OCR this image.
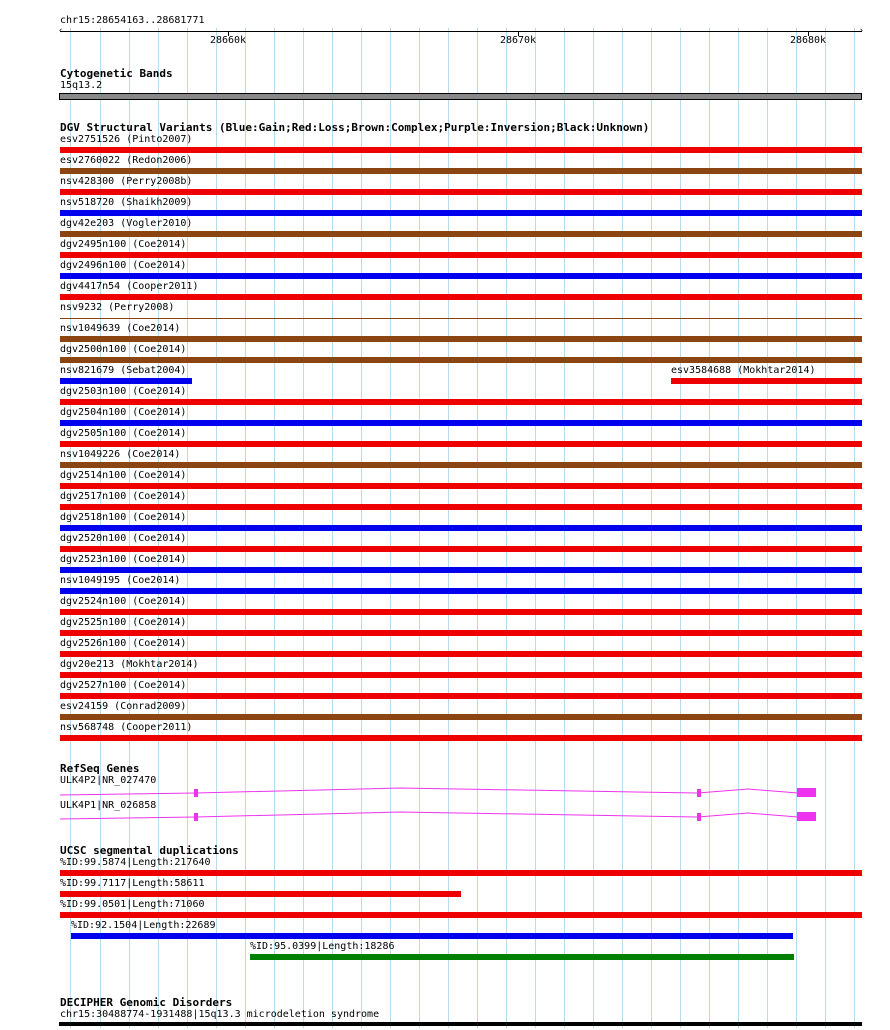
chr15:28654163..28681771
‹	›
28660k	28670k	28680k
Cytogenetic Bands
15q13.2
DGV Structural Variants (Blue:Gain;Red:Loss;Brown:Complex;Purple:Inversion;Black:Unknown)
esv2751526 (Pinto2007)
esv2760022 (Redon2006)
nsv428300 (Perry2008b)
nsv518720 (Shaikh2009)
dgv42e203 (Vogler2010)
dgv2495n100 (Coe2014)
dgv2496n100 (Coe2014)
dgv4417n54 (Cooper2011)
nsv9232 (Perry2008)
nsv1049639 (Coe2014)
dgv2500n100 (Coe2014)
nsv821679 (Sebat2004)	esv3584688 (Mokhtar2014)
dgv2503n100 (Coe2014)
dgv2504n100 (Coe2014)
dgv2505n100 (Coe2014)
nsv1049226 (Coe2014)
dgv2514n100 (Coe2014)
dgv2517n100 (Coe2014)
dgv2518n100 (Coe2014)
dgv2520n100 (Coe2014)
dgv2523n100 (Coe2014)
nsv1049195 (Coe2014)
dgv2524n100 (Coe2014)
dgv2525n100 (Coe2014)
dgv2526n100 (Coe2014)
dgv20e213 (Mokhtar2014)
dgv2527n100 (Coe2014)
esv24159 (Conrad2009)
nsv568748 (Cooper2011)
RefSeq Genes
ULK4P2|NR_027470
ULK4P1|NR_026858
UCSC segmental duplications
%ID:99.5874|Length:217640
%ID:99.7117|Length:58611
%ID:99.0501|Length:71060
%ID:92.1504|Length:22689
%ID:95.0399|Length:18286
DECIPHER Genomic Disorders
chr15:30488774-1931488|15q13.3 microdeletion syndrome
